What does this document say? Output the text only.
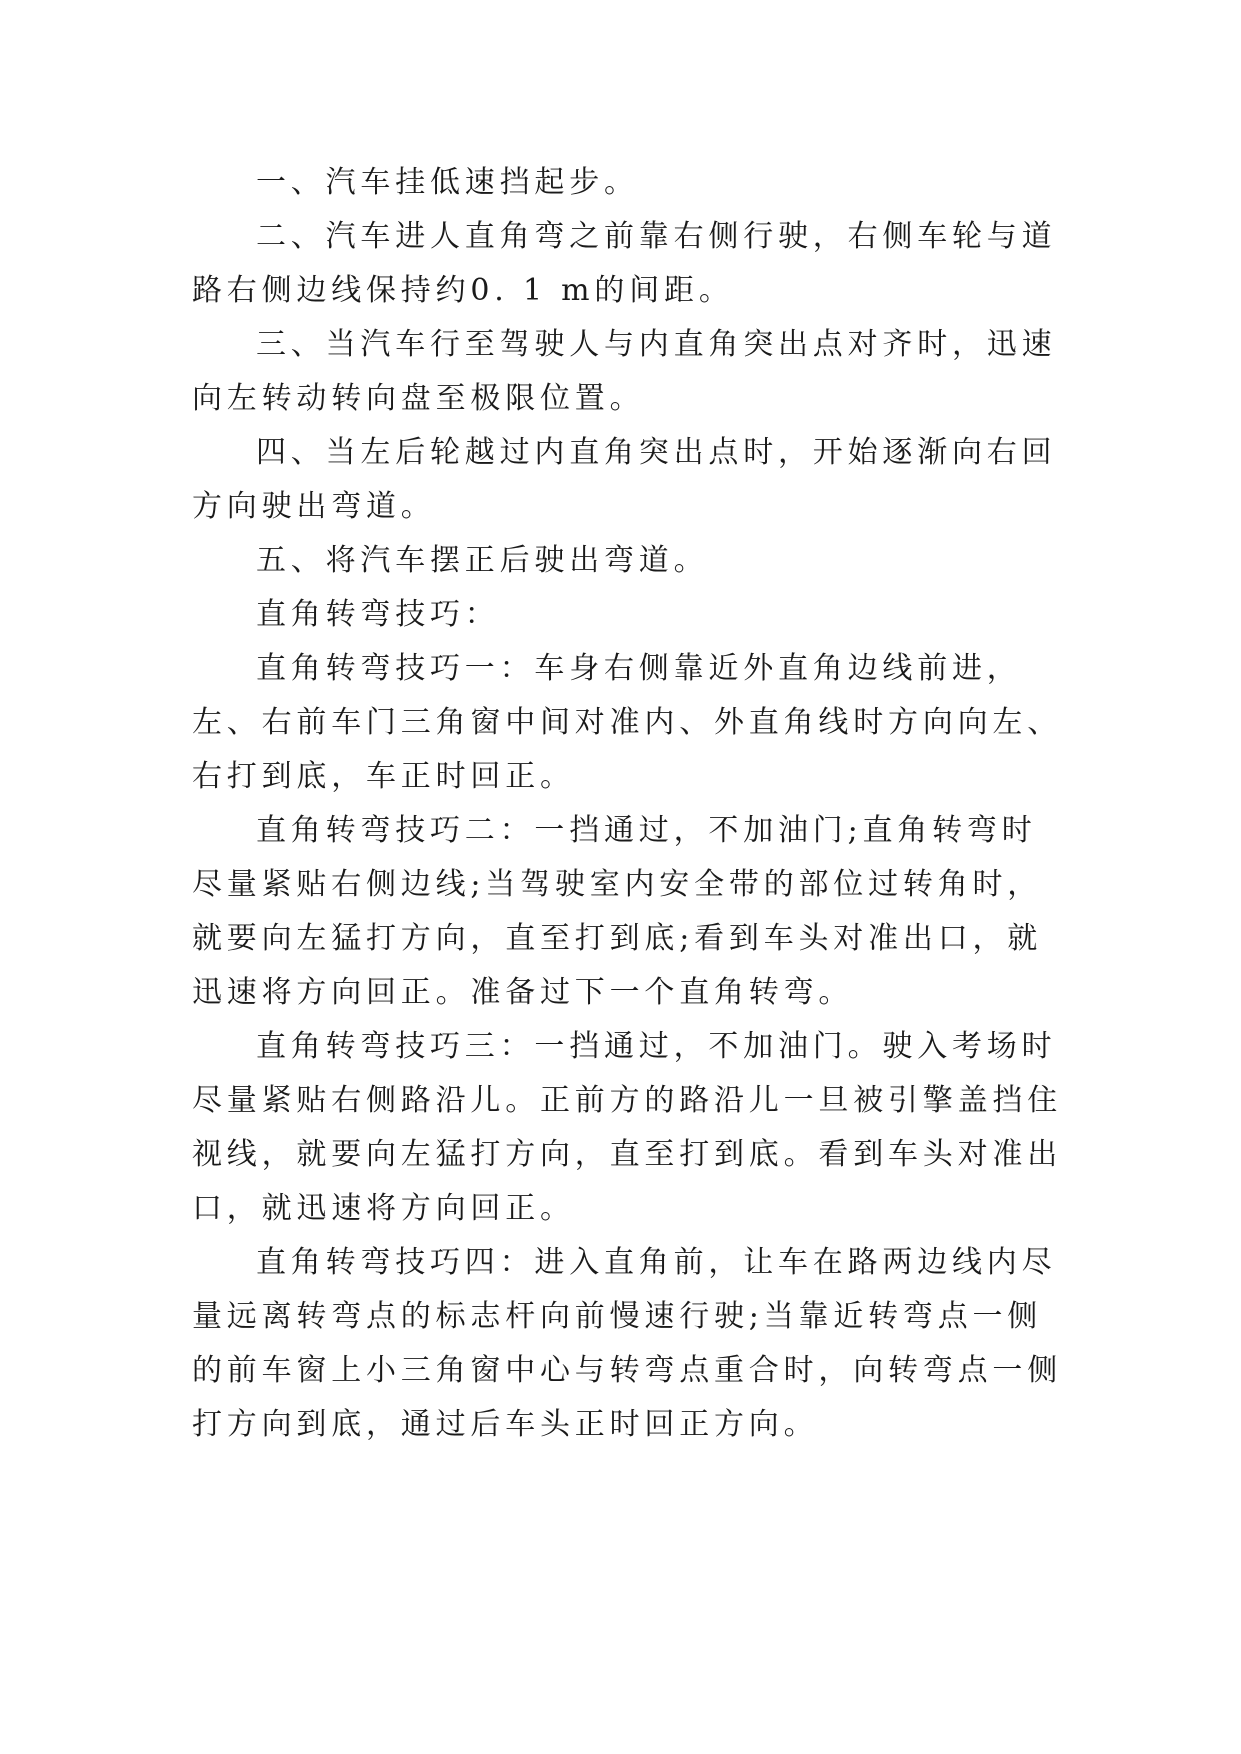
一、汽车挂低速挡起步。

二、汽车进人直角弯之前靠右侧行驶，右侧车轮与道路右侧边线保持约0. 1 m的间距。

三、当汽车行至驾驶人与内直角突出点对齐时，迅速向左转动转向盘至极限位置。

四、当左后轮越过内直角突出点时，开始逐渐向右回方向驶出弯道。

五、将汽车摆正后驶出弯道。

直角转弯技巧：

直角转弯技巧一：车身右侧靠近外直角边线前进，左、右前车门三角窗中间对准内、外直角线时方向向左、右打到底，车正时回正。

直角转弯技巧二：一挡通过，不加油门;直角转弯时尽量紧贴右侧边线;当驾驶室内安全带的部位过转角时，就要向左猛打方向，直至打到底;看到车头对准出口，就迅速将方向回正。准备过下一个直角转弯。

直角转弯技巧三：一挡通过，不加油门。驶入考场时尽量紧贴右侧路沿儿。正前方的路沿儿一旦被引擎盖挡住视线，就要向左猛打方向，直至打到底。看到车头对准出口，就迅速将方向回正。

直角转弯技巧四：进入直角前，让车在路两边线内尽量远离转弯点的标志杆向前慢速行驶;当靠近转弯点一侧的前车窗上小三角窗中心与转弯点重合时，向转弯点一侧打方向到底，通过后车头正时回正方向。
